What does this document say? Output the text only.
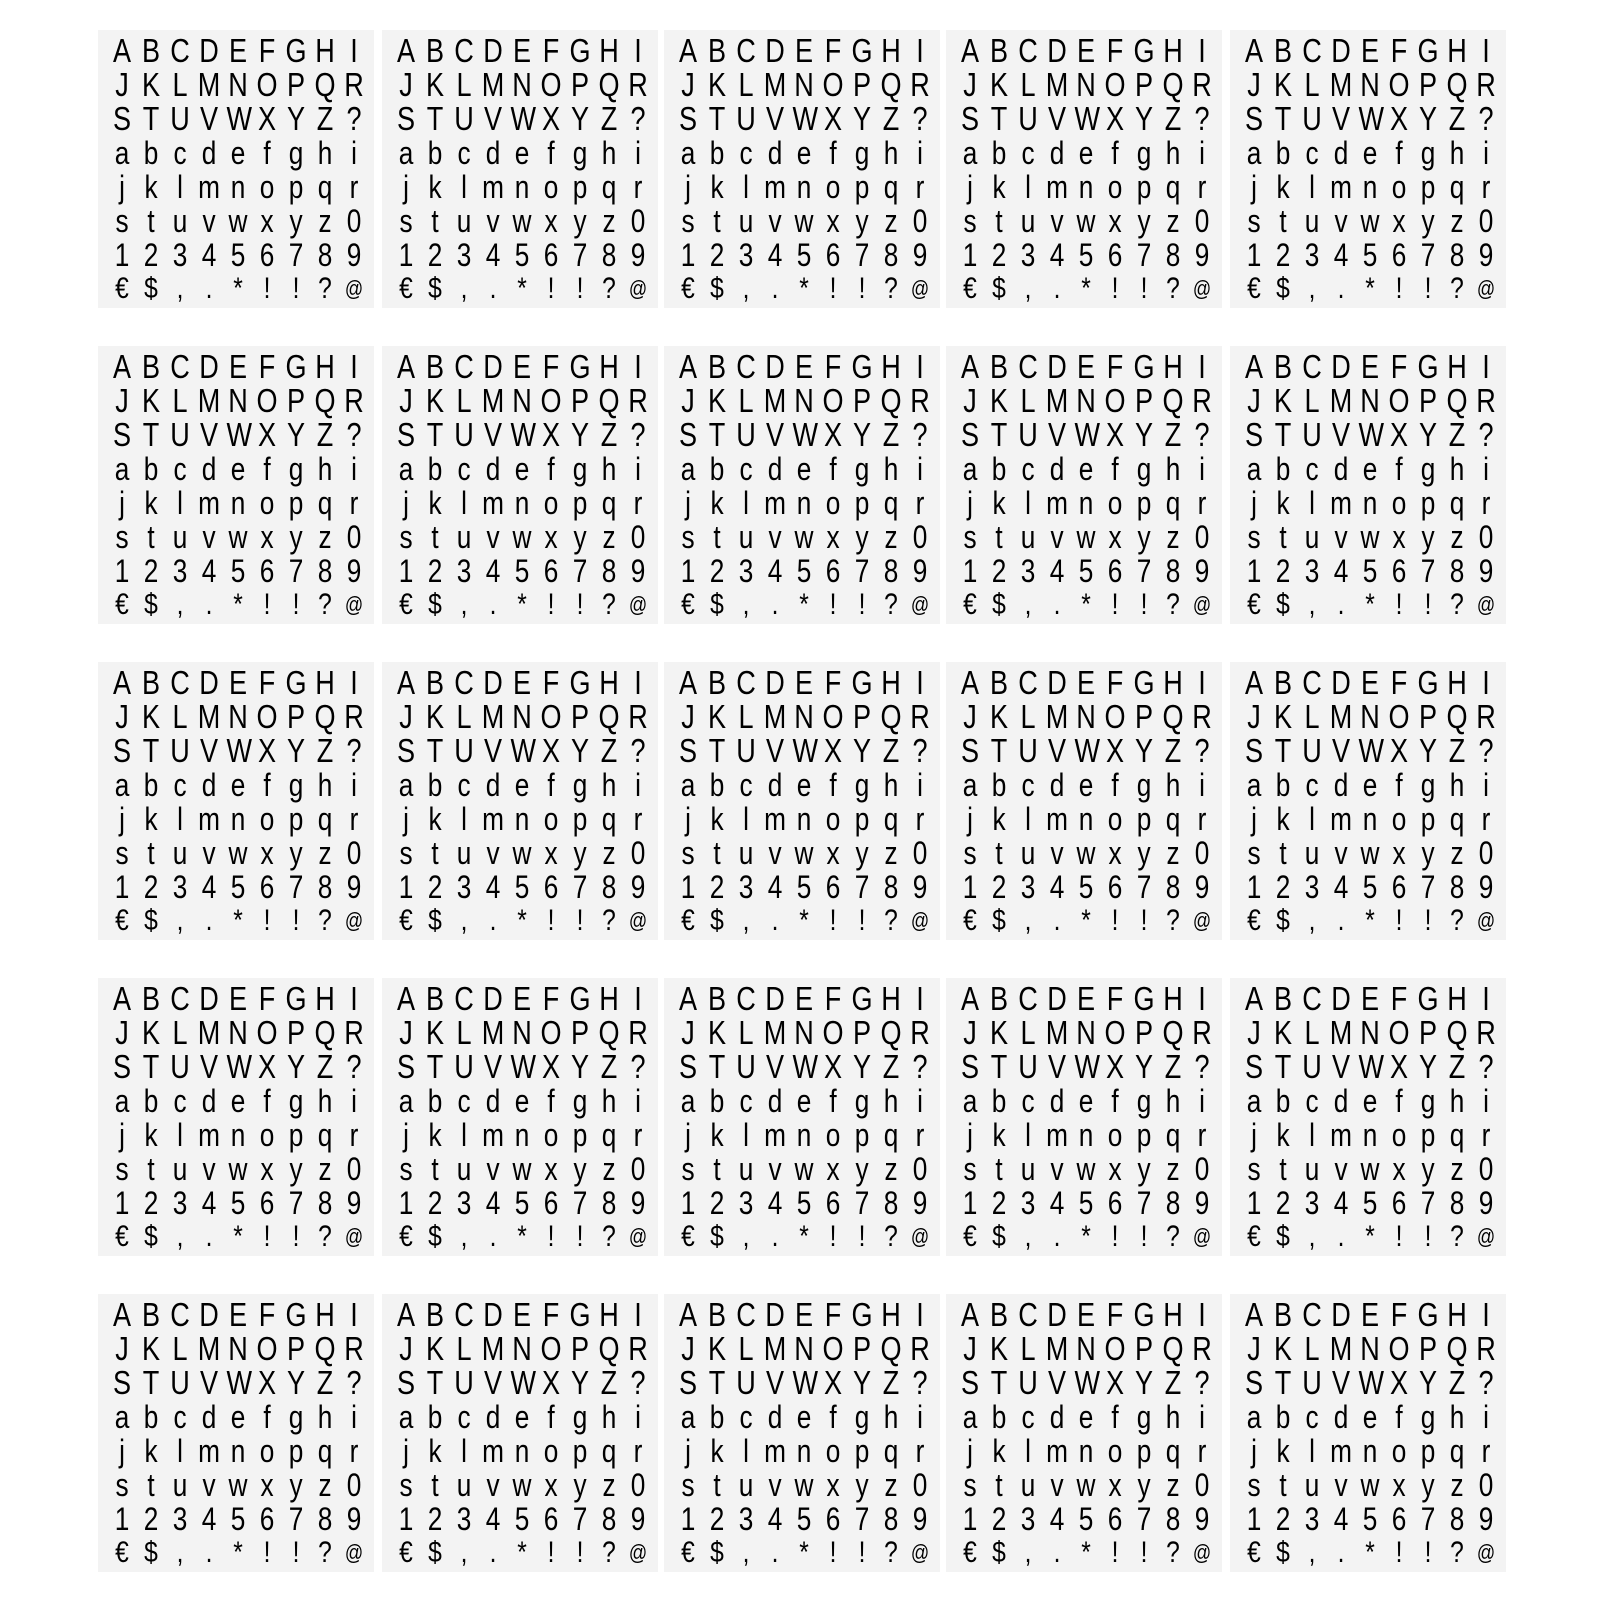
A B C D E F G H I
J K L M N O P Q R
S T U V W X Y Z ?
a b c d e f g h i
j k l m n o p q r
s t u v w x y z 0
1 2 3 4 5 6 7 8 9
€ $ , . * ! ! ? @
A B C D E F G H I
J K L M N O P Q R
S T U V W X Y Z ?
a b c d e f g h i
j k l m n o p q r
s t u v w x y z 0
1 2 3 4 5 6 7 8 9
€ $ , . * ! ! ? @
A B C D E F G H I
J K L M N O P Q R
S T U V W X Y Z ?
a b c d e f g h i
j k l m n o p q r
s t u v w x y z 0
1 2 3 4 5 6 7 8 9
€ $ , . * ! ! ? @
A B C D E F G H I
J K L M N O P Q R
S T U V W X Y Z ?
a b c d e f g h i
j k l m n o p q r
s t u v w x y z 0
1 2 3 4 5 6 7 8 9
€ $ , . * ! ! ? @
A B C D E F G H I
J K L M N O P Q R
S T U V W X Y Z ?
a b c d e f g h i
j k l m n o p q r
s t u v w x y z 0
1 2 3 4 5 6 7 8 9
€ $ , . * ! ! ? @
A B C D E F G H I
J K L M N O P Q R
S T U V W X Y Z ?
a b c d e f g h i
j k l m n o p q r
s t u v w x y z 0
1 2 3 4 5 6 7 8 9
€ $ , . * ! ! ? @
A B C D E F G H I
J K L M N O P Q R
S T U V W X Y Z ?
a b c d e f g h i
j k l m n o p q r
s t u v w x y z 0
1 2 3 4 5 6 7 8 9
€ $ , . * ! ! ? @
A B C D E F G H I
J K L M N O P Q R
S T U V W X Y Z ?
a b c d e f g h i
j k l m n o p q r
s t u v w x y z 0
1 2 3 4 5 6 7 8 9
€ $ , . * ! ! ? @
A B C D E F G H I
J K L M N O P Q R
S T U V W X Y Z ?
a b c d e f g h i
j k l m n o p q r
s t u v w x y z 0
1 2 3 4 5 6 7 8 9
€ $ , . * ! ! ? @
A B C D E F G H I
J K L M N O P Q R
S T U V W X Y Z ?
a b c d e f g h i
j k l m n o p q r
s t u v w x y z 0
1 2 3 4 5 6 7 8 9
€ $ , . * ! ! ? @
A B C D E F G H I
J K L M N O P Q R
S T U V W X Y Z ?
a b c d e f g h i
j k l m n o p q r
s t u v w x y z 0
1 2 3 4 5 6 7 8 9
€ $ , . * ! ! ? @
A B C D E F G H I
J K L M N O P Q R
S T U V W X Y Z ?
a b c d e f g h i
j k l m n o p q r
s t u v w x y z 0
1 2 3 4 5 6 7 8 9
€ $ , . * ! ! ? @
A B C D E F G H I
J K L M N O P Q R
S T U V W X Y Z ?
a b c d e f g h i
j k l m n o p q r
s t u v w x y z 0
1 2 3 4 5 6 7 8 9
€ $ , . * ! ! ? @
A B C D E F G H I
J K L M N O P Q R
S T U V W X Y Z ?
a b c d e f g h i
j k l m n o p q r
s t u v w x y z 0
1 2 3 4 5 6 7 8 9
€ $ , . * ! ! ? @
A B C D E F G H I
J K L M N O P Q R
S T U V W X Y Z ?
a b c d e f g h i
j k l m n o p q r
s t u v w x y z 0
1 2 3 4 5 6 7 8 9
€ $ , . * ! ! ? @
A B C D E F G H I
J K L M N O P Q R
S T U V W X Y Z ?
a b c d e f g h i
j k l m n o p q r
s t u v w x y z 0
1 2 3 4 5 6 7 8 9
€ $ , . * ! ! ? @
A B C D E F G H I
J K L M N O P Q R
S T U V W X Y Z ?
a b c d e f g h i
j k l m n o p q r
s t u v w x y z 0
1 2 3 4 5 6 7 8 9
€ $ , . * ! ! ? @
A B C D E F G H I
J K L M N O P Q R
S T U V W X Y Z ?
a b c d e f g h i
j k l m n o p q r
s t u v w x y z 0
1 2 3 4 5 6 7 8 9
€ $ , . * ! ! ? @
A B C D E F G H I
J K L M N O P Q R
S T U V W X Y Z ?
a b c d e f g h i
j k l m n o p q r
s t u v w x y z 0
1 2 3 4 5 6 7 8 9
€ $ , . * ! ! ? @
A B C D E F G H I
J K L M N O P Q R
S T U V W X Y Z ?
a b c d e f g h i
j k l m n o p q r
s t u v w x y z 0
1 2 3 4 5 6 7 8 9
€ $ , . * ! ! ? @
A B C D E F G H I
J K L M N O P Q R
S T U V W X Y Z ?
a b c d e f g h i
j k l m n o p q r
s t u v w x y z 0
1 2 3 4 5 6 7 8 9
€ $ , . * ! ! ? @
A B C D E F G H I
J K L M N O P Q R
S T U V W X Y Z ?
a b c d e f g h i
j k l m n o p q r
s t u v w x y z 0
1 2 3 4 5 6 7 8 9
€ $ , . * ! ! ? @
A B C D E F G H I
J K L M N O P Q R
S T U V W X Y Z ?
a b c d e f g h i
j k l m n o p q r
s t u v w x y z 0
1 2 3 4 5 6 7 8 9
€ $ , . * ! ! ? @
A B C D E F G H I
J K L M N O P Q R
S T U V W X Y Z ?
a b c d e f g h i
j k l m n o p q r
s t u v w x y z 0
1 2 3 4 5 6 7 8 9
€ $ , . * ! ! ? @
A B C D E F G H I
J K L M N O P Q R
S T U V W X Y Z ?
a b c d e f g h i
j k l m n o p q r
s t u v w x y z 0
1 2 3 4 5 6 7 8 9
€ $ , . * ! ! ? @
